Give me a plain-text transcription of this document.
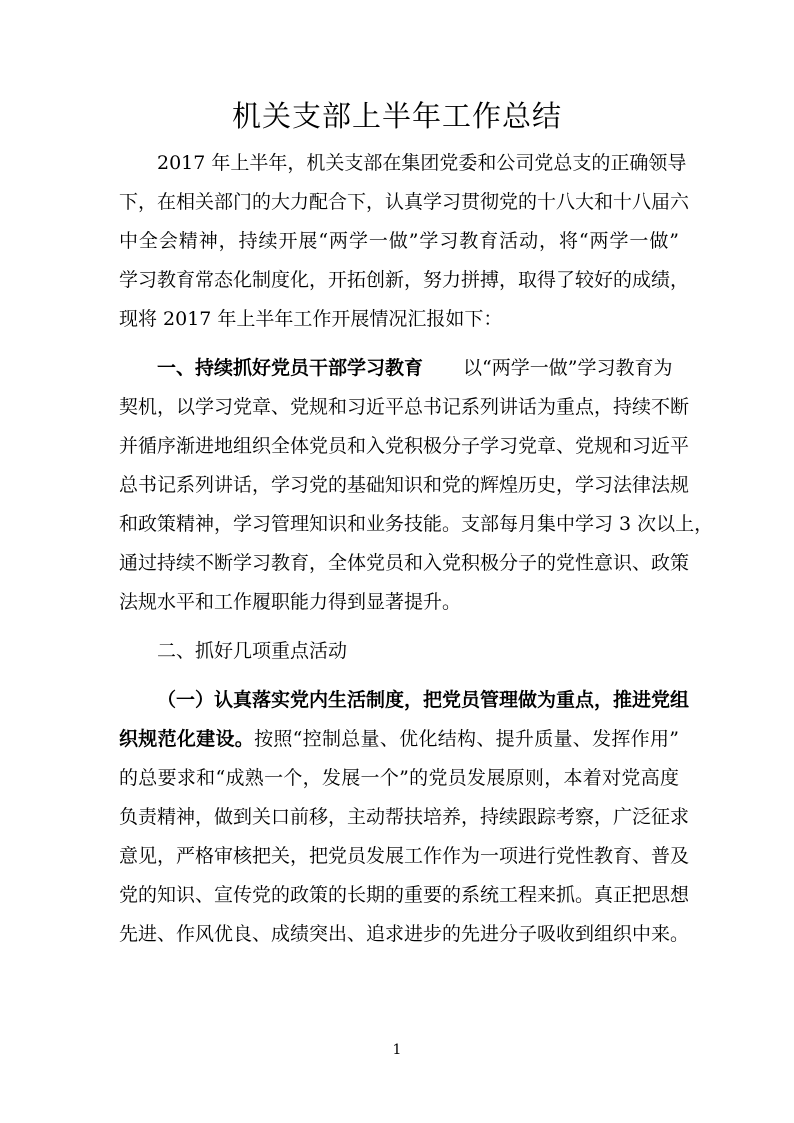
机关支部上半年工作总结
2017 年上半年，机关支部在集团党委和公司党总支的正确领导
下，在相关部门的大力配合下，认真学习贯彻党的十八大和十八届六
中全会精神，持续开展“两学一做”学习教育活动，将“两学一做”
学习教育常态化制度化，开拓创新，努力拼搏，取得了较好的成绩，
现将 2017 年上半年工作开展情况汇报如下：
一、持续抓好党员干部学习教育 以“两学一做”学习教育为
契机，以学习党章、党规和习近平总书记系列讲话为重点，持续不断
并循序渐进地组织全体党员和入党积极分子学习党章、党规和习近平
总书记系列讲话，学习党的基础知识和党的辉煌历史，学习法律法规
和政策精神，学习管理知识和业务技能。支部每月集中学习 3 次以上，
通过持续不断学习教育，全体党员和入党积极分子的党性意识、政策
法规水平和工作履职能力得到显著提升。
二、抓好几项重点活动
（一）认真落实党内生活制度，把党员管理做为重点，推进党组
织规范化建设。按照“控制总量、优化结构、提升质量、发挥作用”
的总要求和“成熟一个，发展一个”的党员发展原则，本着对党高度
负责精神，做到关口前移，主动帮扶培养，持续跟踪考察，广泛征求
意见，严格审核把关，把党员发展工作作为一项进行党性教育、普及
党的知识、宣传党的政策的长期的重要的系统工程来抓。真正把思想
先进、作风优良、成绩突出、追求进步的先进分子吸收到组织中来。
1
